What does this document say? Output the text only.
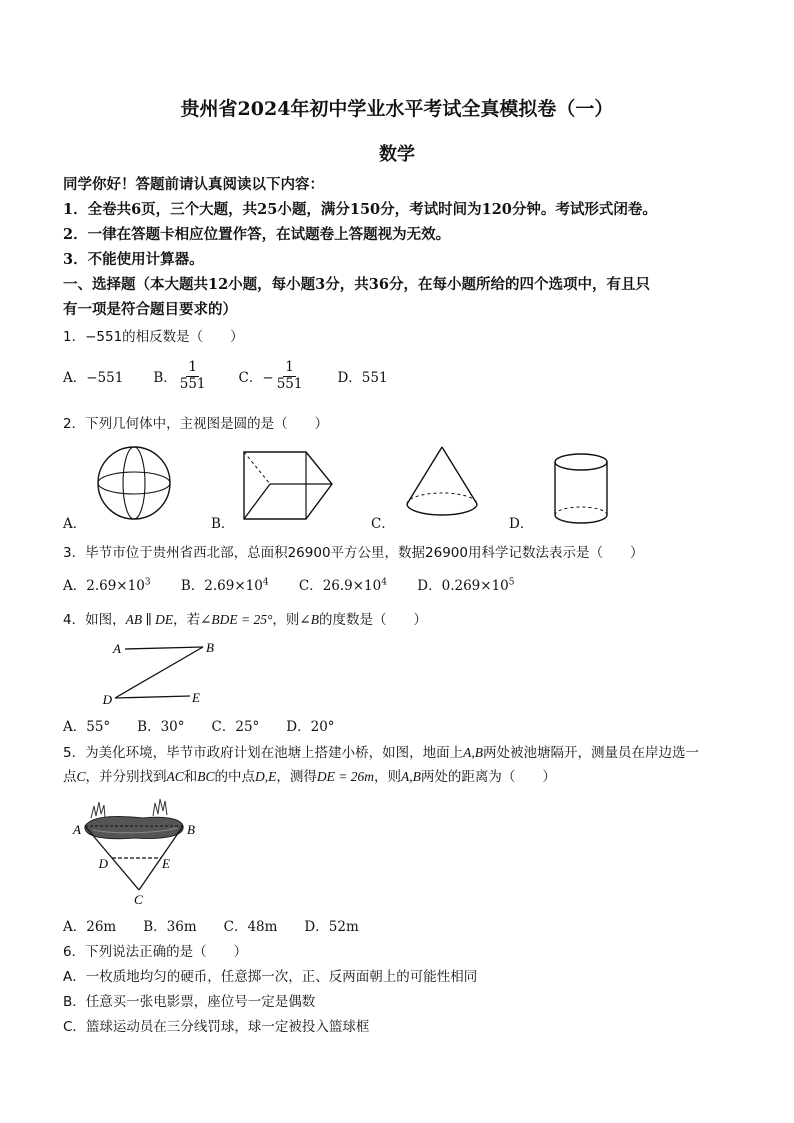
贵州省2024年初中学业水平考试全真模拟卷（一）
数学
同学你好！答题前请认真阅读以下内容：
1．全卷共6页，三个大题，共25小题，满分150分，考试时间为120分钟。考试形式闭卷。
2．一律在答题卡相应位置作答，在试题卷上答题视为无效。
3．不能使用计算器。
一、选择题（本大题共12小题，每小题3分，共36分，在每小题所给的四个选项中，有且只
有一项是符合题目要求的）
1．−551的相反数是（　　）
A．−551 B． $\frac{1}{551}$ C．− $\frac{1}{551}$	D．551
2．下列几何体中，主视图是圆的是（　　）
A．	B．	C．	D．
3．毕节市位于贵州省西北部，总面积26900平方公里，数据26900用科学记数法表示是（　　）
A．$2.69\times 10^3$ B．$2.69\times 10^4$ C．$26.9\times 10^4$ D．$0.269\times 10^5$
4．如图，AB ∥ DE，若∠BDE = 25°，则∠B的度数是（　　）
A	B
D	E
A．55°　　B．30°　　C．25°　　D．20°
5．为美化环境，毕节市政府计划在池塘上搭建小桥，如图，地面上A,B两处被池塘隔开，测量员在岸边选一
点C，并分别找到AC和BC的中点D,E，测得DE = 26m，则A,B两处的距离为（　　）
A	B
D	E
C
A．26m　　B．36m　　C．48m　　D．52m
6．下列说法正确的是（　　）
A．一枚质地均匀的硬币，任意掷一次，正、反两面朝上的可能性相同
B．任意买一张电影票，座位号一定是偶数
C．篮球运动员在三分线罚球，球一定被投入篮球框
